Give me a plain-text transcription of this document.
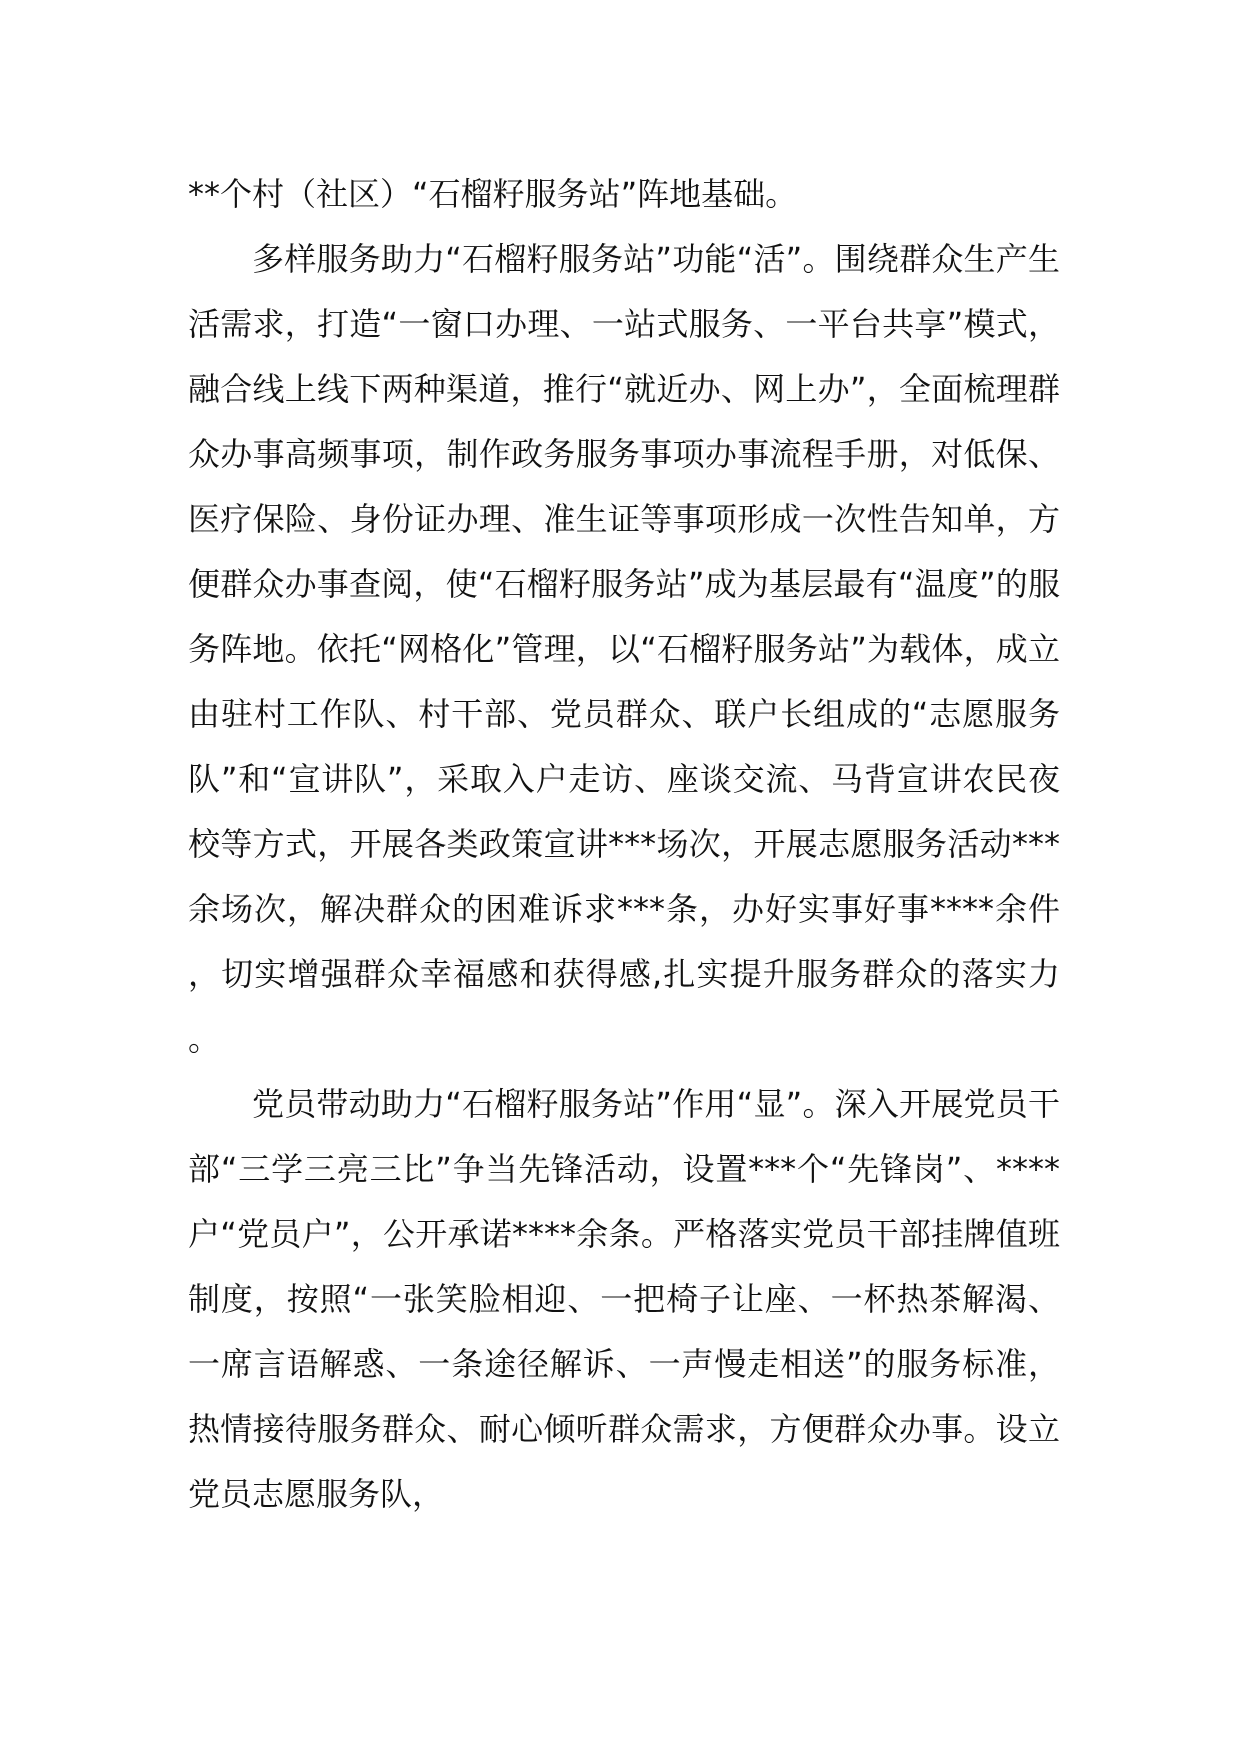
**个村（社区）“石榴籽服务站”阵地基础。

多样服务助力“石榴籽服务站”功能“活”。围绕群众生产生活需求，打造“一窗口办理、一站式服务、一平台共享”模式，融合线上线下两种渠道，推行“就近办、网上办”，全面梳理群众办事高频事项，制作政务服务事项办事流程手册，对低保、医疗保险、身份证办理、准生证等事项形成一次性告知单，方便群众办事查阅，使“石榴籽服务站”成为基层最有“温度”的服务阵地。依托“网格化”管理，以“石榴籽服务站”为载体，成立由驻村工作队、村干部、党员群众、联户长组成的“志愿服务队”和“宣讲队”，采取入户走访、座谈交流、马背宣讲农民夜校等方式，开展各类政策宣讲***场次，开展志愿服务活动***余场次，解决群众的困难诉求***条，办好实事好事****余件，切实增强群众幸福感和获得感,扎实提升服务群众的落实力。

党员带动助力“石榴籽服务站”作用“显”。深入开展党员干部“三学三亮三比”争当先锋活动，设置***个“先锋岗”、****户“党员户”，公开承诺****余条。严格落实党员干部挂牌值班制度，按照“一张笑脸相迎、一把椅子让座、一杯热茶解渴、一席言语解惑、一条途径解诉、一声慢走相送”的服务标准，热情接待服务群众、耐心倾听群众需求，方便群众办事。设立党员志愿服务队，
